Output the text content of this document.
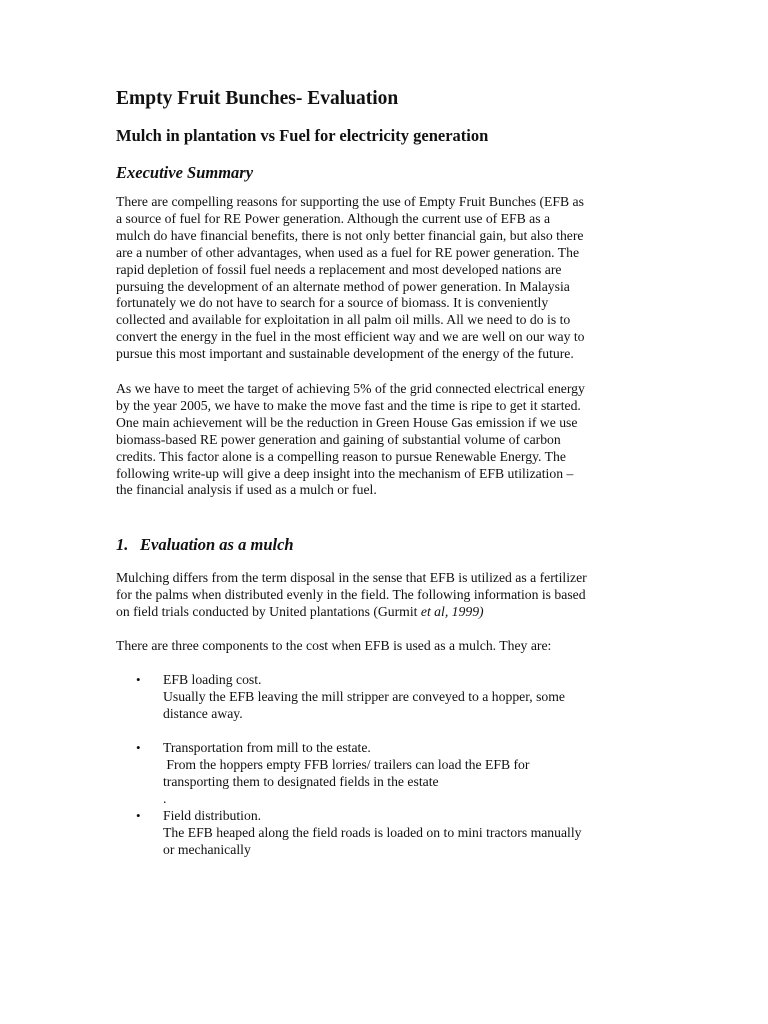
Empty Fruit Bunches- Evaluation
Mulch in plantation vs Fuel for electricity generation
Executive Summary
There are compelling reasons for supporting the use of Empty Fruit Bunches (EFB as
a source of fuel for RE Power generation. Although the current use of EFB as a
mulch do have financial benefits, there is not only better financial gain, but also there
are a number of other advantages, when used as a fuel for RE power generation. The
rapid depletion of fossil fuel needs a replacement and most developed nations are
pursuing the development of an alternate method of power generation. In Malaysia
fortunately we do not have to search for a source of biomass. It is conveniently
collected and available for exploitation in all palm oil mills. All we need to do is to
convert the energy in the fuel in the most efficient way and we are well on our way to
pursue this most important and sustainable development of the energy of the future.
As we have to meet the target of achieving 5% of the grid connected electrical energy
by the year 2005, we have to make the move fast and the time is ripe to get it started.
One main achievement will be the reduction in Green House Gas emission if we use
biomass-based RE power generation and gaining of substantial volume of carbon
credits. This factor alone is a compelling reason to pursue Renewable Energy. The
following write-up will give a deep insight into the mechanism of EFB utilization –
the financial analysis if used as a mulch or fuel.
1. Evaluation as a mulch
Mulching differs from the term disposal in the sense that EFB is utilized as a fertilizer
for the palms when distributed evenly in the field. The following information is based
on field trials conducted by United plantations (Gurmit et al, 1999)
There are three components to the cost when EFB is used as a mulch. They are:
• EFB loading cost.
Usually the EFB leaving the mill stripper are conveyed to a hopper, some
distance away.
• Transportation from mill to the estate.
From the hoppers empty FFB lorries/ trailers can load the EFB for
transporting them to designated fields in the estate
.
• Field distribution.
The EFB heaped along the field roads is loaded on to mini tractors manually
or mechanically
